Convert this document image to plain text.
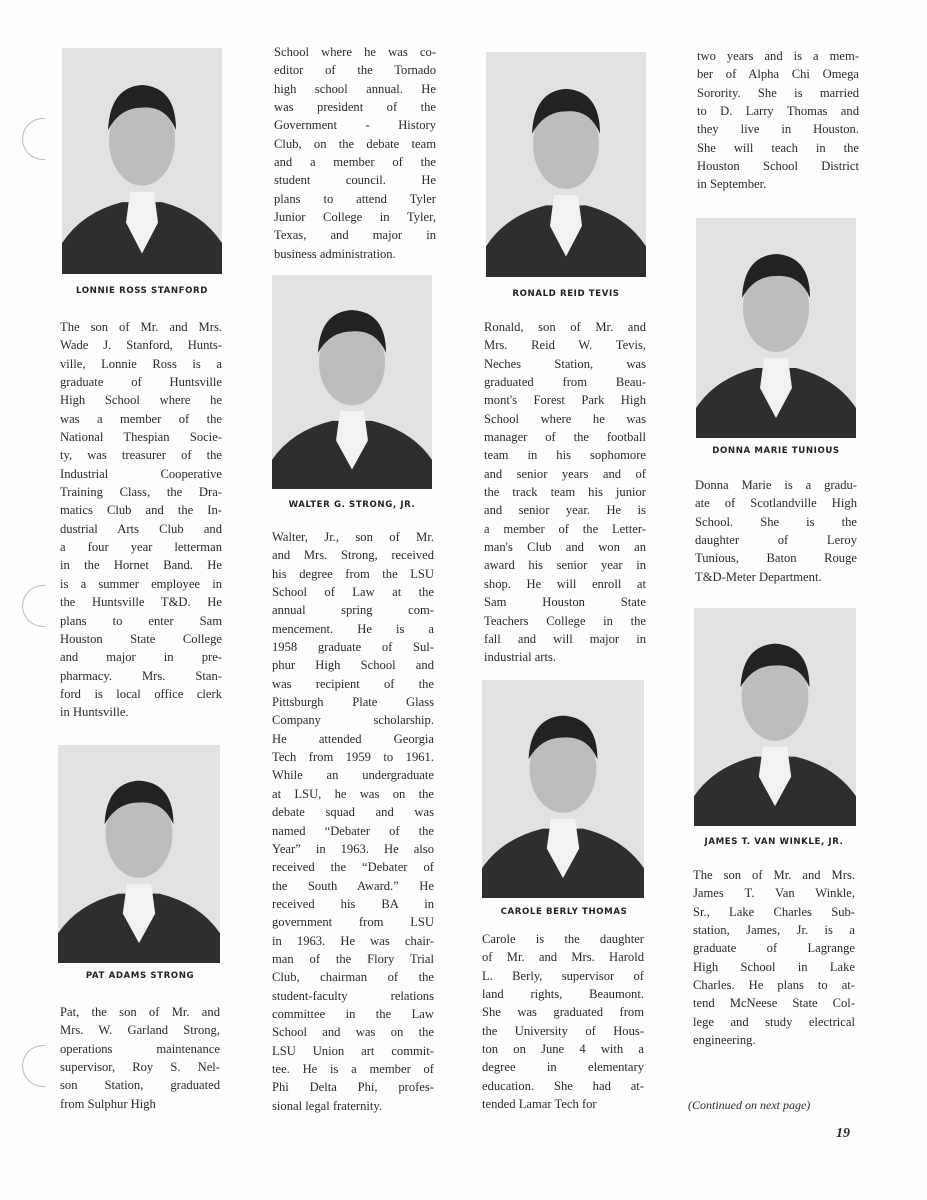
LONNIE ROSS STANFORD
PAT ADAMS STRONG
WALTER G. STRONG, JR.
RONALD REID TEVIS
CAROLE BERLY THOMAS
DONNA MARIE TUNIOUS
JAMES T. VAN WINKLE, JR.
The son of Mr. and Mrs.
Wade J. Stanford, Hunts-
ville, Lonnie Ross is a
graduate of Huntsville
High School where he
was a member of the
National Thespian Socie-
ty, was treasurer of the
Industrial Cooperative
Training Class, the Dra-
matics Club and the In-
dustrial Arts Club and
a four year letterman
in the Hornet Band. He
is a summer employee in
the Huntsville T&D. He
plans to enter Sam
Houston State College
and major in pre-
pharmacy. Mrs. Stan-
ford is local office clerk
in Huntsville.
Pat, the son of Mr. and
Mrs. W. Garland Strong,
operations maintenance
supervisor, Roy S. Nel-
son Station, graduated
from Sulphur High
School where he was co-
editor of the Tornado
high school annual. He
was president of the
Government - History
Club, on the debate team
and a member of the
student council. He
plans to attend Tyler
Junior College in Tyler,
Texas, and major in
business administration.
Walter, Jr., son of Mr.
and Mrs. Strong, received
his degree from the LSU
School of Law at the
annual spring com-
mencement. He is a
1958 graduate of Sul-
phur High School and
was recipient of the
Pittsburgh Plate Glass
Company scholarship.
He attended Georgia
Tech from 1959 to 1961.
While an undergraduate
at LSU, he was on the
debate squad and was
named “Debater of the
Year” in 1963. He also
received the “Debater of
the South Award.” He
received his BA in
government from LSU
in 1963. He was chair-
man of the Flory Trial
Club, chairman of the
student-faculty relations
committee in the Law
School and was on the
LSU Union art commit-
tee. He is a member of
Phi Delta Phi, profes-
sional legal fraternity.
Ronald, son of Mr. and
Mrs. Reid W. Tevis,
Neches Station, was
graduated from Beau-
mont's Forest Park High
School where he was
manager of the football
team in his sophomore
and senior years and of
the track team his junior
and senior year. He is
a member of the Letter-
man's Club and won an
award his senior year in
shop. He will enroll at
Sam Houston State
Teachers College in the
fall and will major in
industrial arts.
Carole is the daughter
of Mr. and Mrs. Harold
L. Berly, supervisor of
land rights, Beaumont.
She was graduated from
the University of Hous-
ton on June 4 with a
degree in elementary
education. She had at-
tended Lamar Tech for
two years and is a mem-
ber of Alpha Chi Omega
Sorority. She is married
to D. Larry Thomas and
they live in Houston.
She will teach in the
Houston School District
in September.
Donna Marie is a gradu-
ate of Scotlandville High
School. She is the
daughter of Leroy
Tunious, Baton Rouge
T&D-Meter Department.
The son of Mr. and Mrs.
James T. Van Winkle,
Sr., Lake Charles Sub-
station, James, Jr. is a
graduate of Lagrange
High School in Lake
Charles. He plans to at-
tend McNeese State Col-
lege and study electrical
engineering.
(Continued on next page)
19
